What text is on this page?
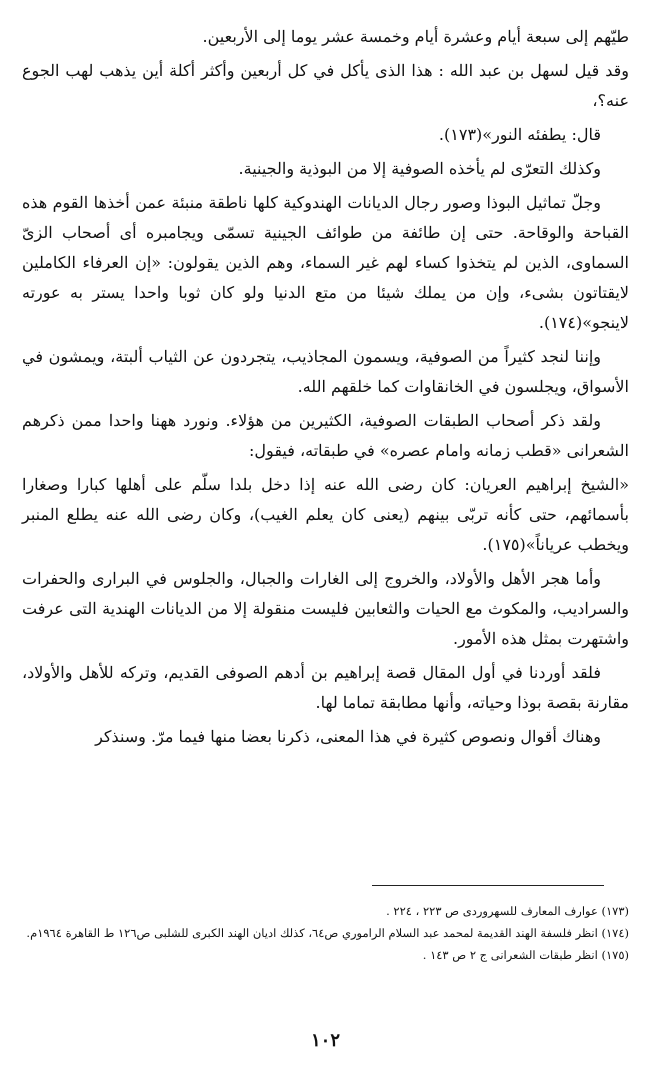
طيّهم إلى سبعة أيام وعشرة أيام وخمسة عشر يوما إلى الأربعين.

وقد قيل لسهل بن عبد الله : هذا الذى يأكل في كل أربعين وأكثر أكلة أين يذهب لهب الجوع عنه؟،

قال: يطفئه النور»(١٧٣).

وكذلك التعرّى لم يأخذه الصوفية إلا من البوذية والجينية.

وجلّ تماثيل البوذا وصور رجال الديانات الهندوكية كلها ناطقة منبئة عمن أخذها القوم هذه القباحة والوقاحة. حتى إن طائفة من طوائف الجينية تسمّى ويجامبره أى أصحاب الزىّ السماوى، الذين لم يتخذوا كساء لهم غير السماء، وهم الذين يقولون: «إن العرفاء الكاملين لايقتاتون بشىء، وإن من يملك شيئا من متع الدنيا ولو كان ثوبا واحدا يستر به عورته لاينجو»(١٧٤).

وإننا لنجد كثيراً من الصوفية، ويسمون المجاذيب، يتجردون عن الثياب ألبتة، ويمشون في الأسواق، ويجلسون في الخانقاوات كما خلقهم الله.

ولقد ذكر أصحاب الطبقات الصوفية، الكثيرين من هؤلاء. ونورد ههنا واحدا ممن ذكرهم الشعرانى «قطب زمانه وامام عصره» في طبقاته، فيقول:

«الشيخ إبراهيم العريان: كان رضى الله عنه إذا دخل بلدا سلّم على أهلها كبارا وصغارا بأسمائهم، حتى كأنه تربّى بينهم (يعنى كان يعلم الغيب)، وكان رضى الله عنه يطلع المنبر ويخطب عرياناً»(١٧٥).

وأما هجر الأهل والأولاد، والخروج إلى الغارات والجبال، والجلوس في البرارى والحفرات والسراديب، والمكوث مع الحيات والثعابين فليست منقولة إلا من الديانات الهندية التى عرفت واشتهرت بمثل هذه الأمور.

فلقد أوردنا في أول المقال قصة إبراهيم بن أدهم الصوفى القديم، وتركه للأهل والأولاد، مقارنة بقصة بوذا وحياته، وأنها مطابقة تماما لها.

وهناك أقوال ونصوص كثيرة في هذا المعنى، ذكرنا بعضا منها فيما مرّ. وسنذكر

(١٧٣) عوارف المعارف للسهروردى ص ٢٢٣ ، ٢٢٤ .

(١٧٤) انظر فلسفة الهند القديمة لمحمد عبد السلام الراموري ص٦٤، كذلك اديان الهند الكبرى للشلبى ص١٢٦ ط القاهرة ١٩٦٤م.

(١٧٥) انظر طبقات الشعرانى ج ٢ ص ١٤٣ .

١٠٢
